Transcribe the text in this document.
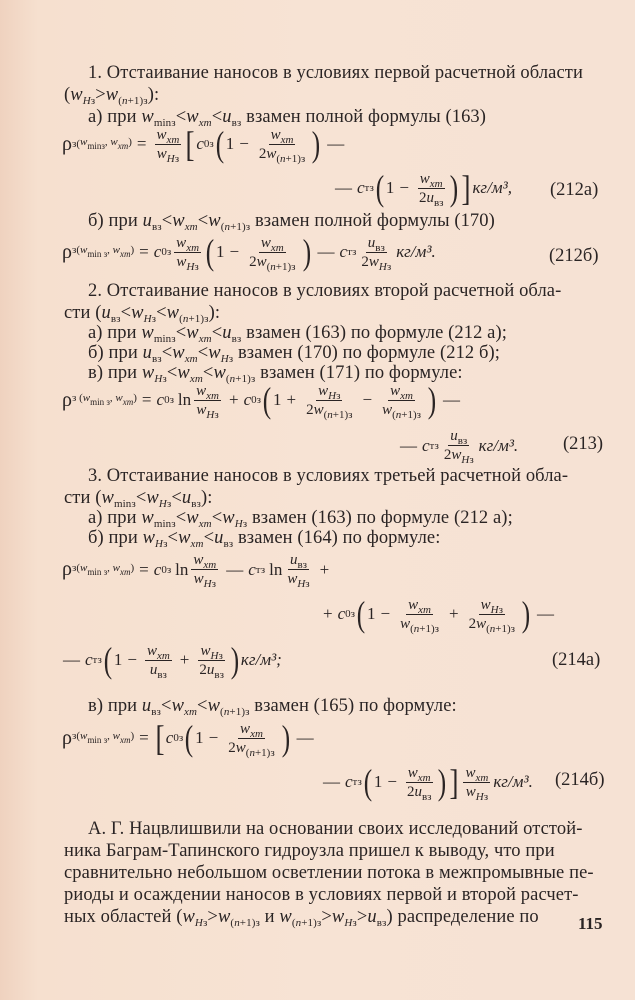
1. Отстаивание наносов в условиях первой расчетной области
$(w_{Hз}>w_{(n+1)з})$:
а) при $w_{minз}<w_{xm}<u_{вз}$ взамен полной формулы (163)
ρ з( $w_{minз}$, $w_{xm}) = \frac{w_{xm}}{w_{Hз}}$ [ c 0з ( $1 - \frac{w_{xm}}{2w_{(n+1)з}}$ ) —
— c тз ( $1 - \frac{w_{xm}}{2u_{вз}}$ ) ] кг/м³, (212а)
б) при $u_{вз}<w_{xm}<w_{(n+1)з}$ взамен полной формулы (170)
ρ $з(w_{min з}$, $w_{xm}) = c$ $0з \frac{w_{xm}}{w_{Hз}}$ ( $1 - \frac{w_{xm}}{2w_{(n+1)з}}$ ) — c тз $\frac{u_{вз}}{2w_{Hз}} кг/м^3$.	(212б)
2. Отстаивание наносов в условиях второй расчетной обла-
сти $(u_{вз}<w_{Hз}<w_{(n+1)з})$:
а) при $w_{minз}<w_{xm}<u_{вз}$ взамен (163) по формуле (212 а);
б) при $u_{вз}<w_{xm}<w_{Hз}$ взамен (170) по формуле (212 б);
в) при $w_{Hз}<w_{xm}<w_{(n+1)з}$ взамен (171) по формуле:
ρ з ($w_{min з}$, $w_{xm}) = c$ 0з $\ln \frac{w_{xm}}{w_{Hз}} + c$ 0з ( $1 + \frac{w_{Hз}}{2w_{(n+1)з}} - \frac{w_{xm}}{w_{(n+1)з}}$ ) —
— c тз $\frac{u_{вз}}{2w_{Hз}} кг/м^3$. (213)
3. Отстаивание наносов в условиях третьей расчетной обла-
сти $(w_{minз}<w_{Hз}<u_{вз})$:
а) при $w_{minз}<w_{xm}<w_{Hз}$ взамен (163) по формуле (212 а);
б) при $w_{Hз}<w_{xm}<u_{вз}$ взамен (164) по формуле:
ρ $з(w_{min з}$, $w_{xm}) = c$ 0з $\ln \frac{w_{xm}}{w_{Hз}}$ — c тз $\ln \frac{u_{вз}}{w_{Hз}}$ +
+ c 0з ( $1 - \frac{w_{xm}}{w_{(n+1)з}} + \frac{w_{Hз}}{2w_{(n+1)з}}$ ) —
— c тз ( $1 - \frac{w_{xm}}{u_{вз}} + \frac{w_{Hз}}{2u_{вз}}$ ) кг/м³;	(214а)
в) при $u_{вз}<w_{xm}<w_{(n+1)з}$ взамен (165) по формуле:
ρ $з(w_{min з}$, $w_{xm}$) = [ c 0з ( $1 - \frac{w_{xm}}{2w_{(n+1)з}}$ ) —
— c тз ( $1 - \frac{w_{xm}}{2u_{вз}}$ ) ] $\frac{w_{xm}}{w_{Hз}} кг/м^3$. (214б)
А. Г. Нацвлишвили на основании своих исследований отстой-
ника Баграм-Тапинского гидроузла пришел к выводу, что при
сравнительно небольшом осветлении потока в межпромывные пе-
риоды и осаждении наносов в условиях первой и второй расчет-
ных областей ($w_{Hз}>w_{(n+1)з}$ и $w_{(n+1)з}>w_{Hз}>u_{вз}$) распределение по 115
